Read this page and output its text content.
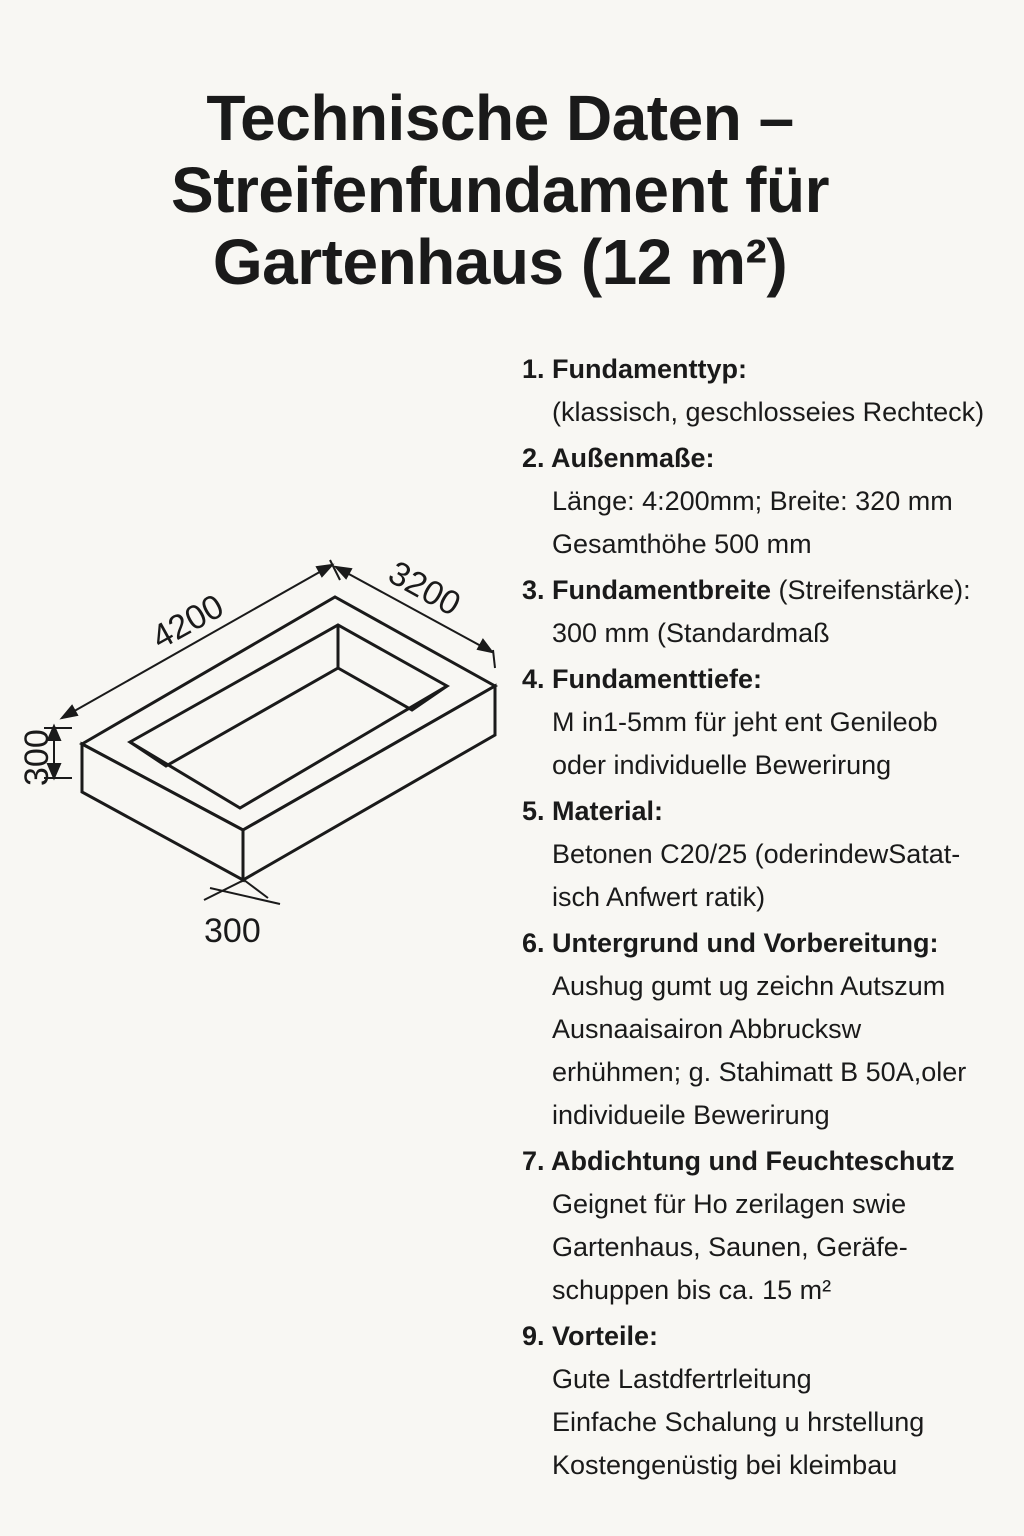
Technische Daten –
Streifenfundament für
Gartenhaus (12 m²)
4200	3200
300
300

1. Fundamenttyp:

(klassisch, geschlosseies Rechteck)

2. Außenmaße:

Länge: 4:200mm; Breite: 320 mm

Gesamthöhe 500 mm

3. Fundamentbreite (Streifenstärke):

300 mm (Standardmaß

4. Fundamenttiefe:

M in1-5mm für jeht ent Genileob

oder individuelle Bewerirung

5. Material:

Betonen C20/25 (oderindewSatat-

isch Anfwert ratik)

6. Untergrund und Vorbereitung:

Aushug gumt ug zeichn Autszum

Ausnaaisairon Abbrucksw

erhühmen; g. Stahimatt B 50A,oler

individueile Bewerirung

7. Abdichtung und Feuchteschutz

Geignet für Ho zerilagen swie

Gartenhaus, Saunen, Geräfe-

schuppen bis ca. 15 m²

9. Vorteile:

Gute Lastdfertrleitung

Einfache Schalung u hrstellung

Kostengenüstig bei kleimbau
